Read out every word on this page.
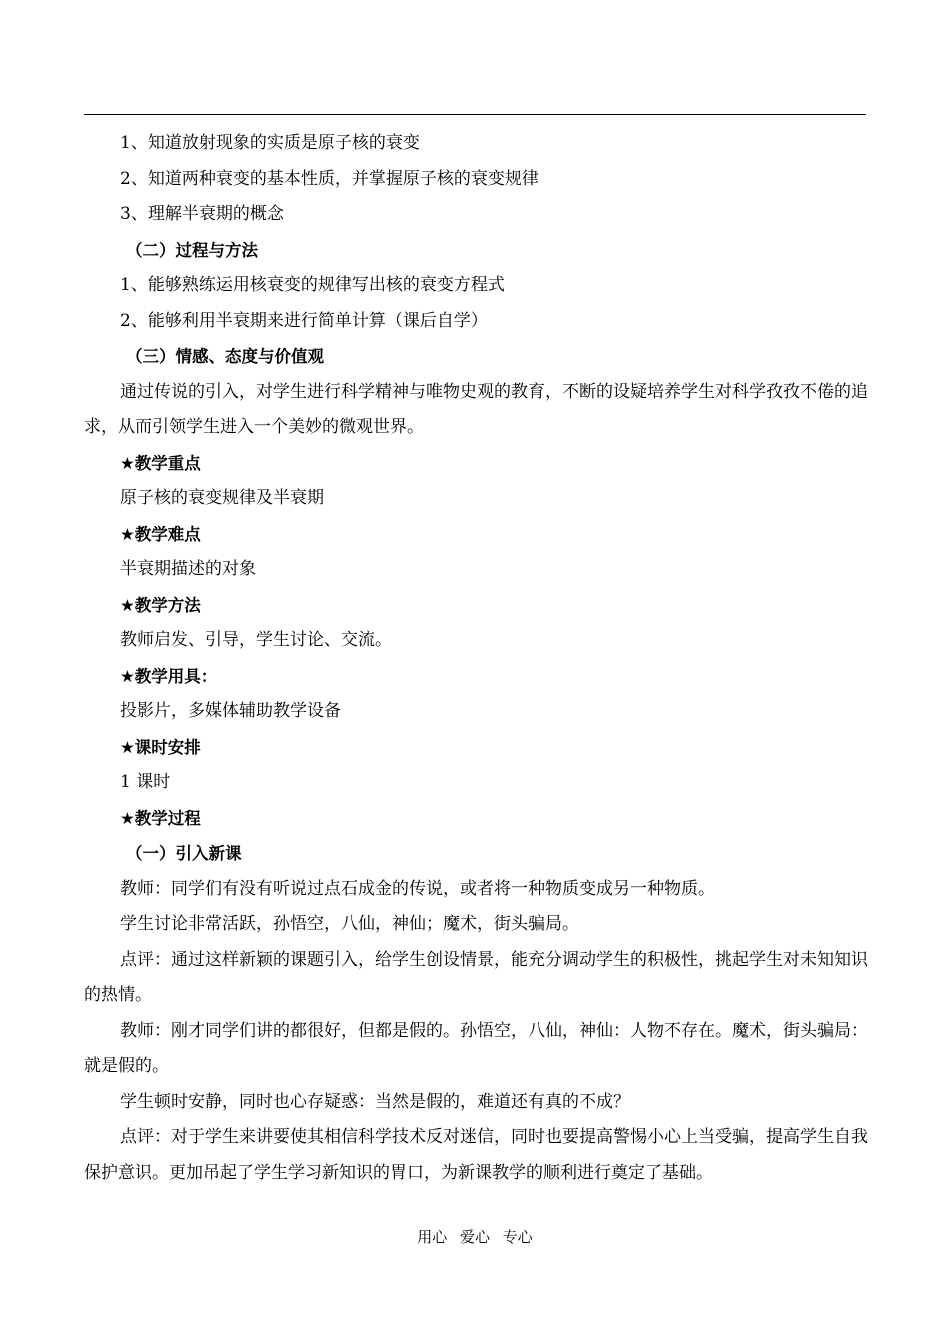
1、知道放射现象的实质是原子核的衰变

2、知道两种衰变的基本性质，并掌握原子核的衰变规律

3、理解半衰期的概念

（二）过程与方法

1、能够熟练运用核衰变的规律写出核的衰变方程式

2、能够利用半衰期来进行简单计算（课后自学）

（三）情感、态度与价值观

通过传说的引入，对学生进行科学精神与唯物史观的教育，不断的设疑培养学生对科学孜孜不倦的追求，从而引领学生进入一个美妙的微观世界。

★教学重点

原子核的衰变规律及半衰期

★教学难点

半衰期描述的对象

★教学方法

教师启发、引导，学生讨论、交流。

★教学用具：

投影片，多媒体辅助教学设备

★课时安排

1 课时

★教学过程

（一）引入新课

教师：同学们有没有听说过点石成金的传说，或者将一种物质变成另一种物质。

学生讨论非常活跃，孙悟空，八仙，神仙；魔术，街头骗局。

点评：通过这样新颖的课题引入，给学生创设情景，能充分调动学生的积极性，挑起学生对未知知识的热情。

教师：刚才同学们讲的都很好，但都是假的。孙悟空，八仙，神仙：人物不存在。魔术，街头骗局：就是假的。

学生顿时安静，同时也心存疑惑：当然是假的，难道还有真的不成？

点评：对于学生来讲要使其相信科学技术反对迷信，同时也要提高警惕小心上当受骗，提高学生自我保护意识。更加吊起了学生学习新知识的胃口，为新课教学的顺利进行奠定了基础。

用心 爱心 专心
